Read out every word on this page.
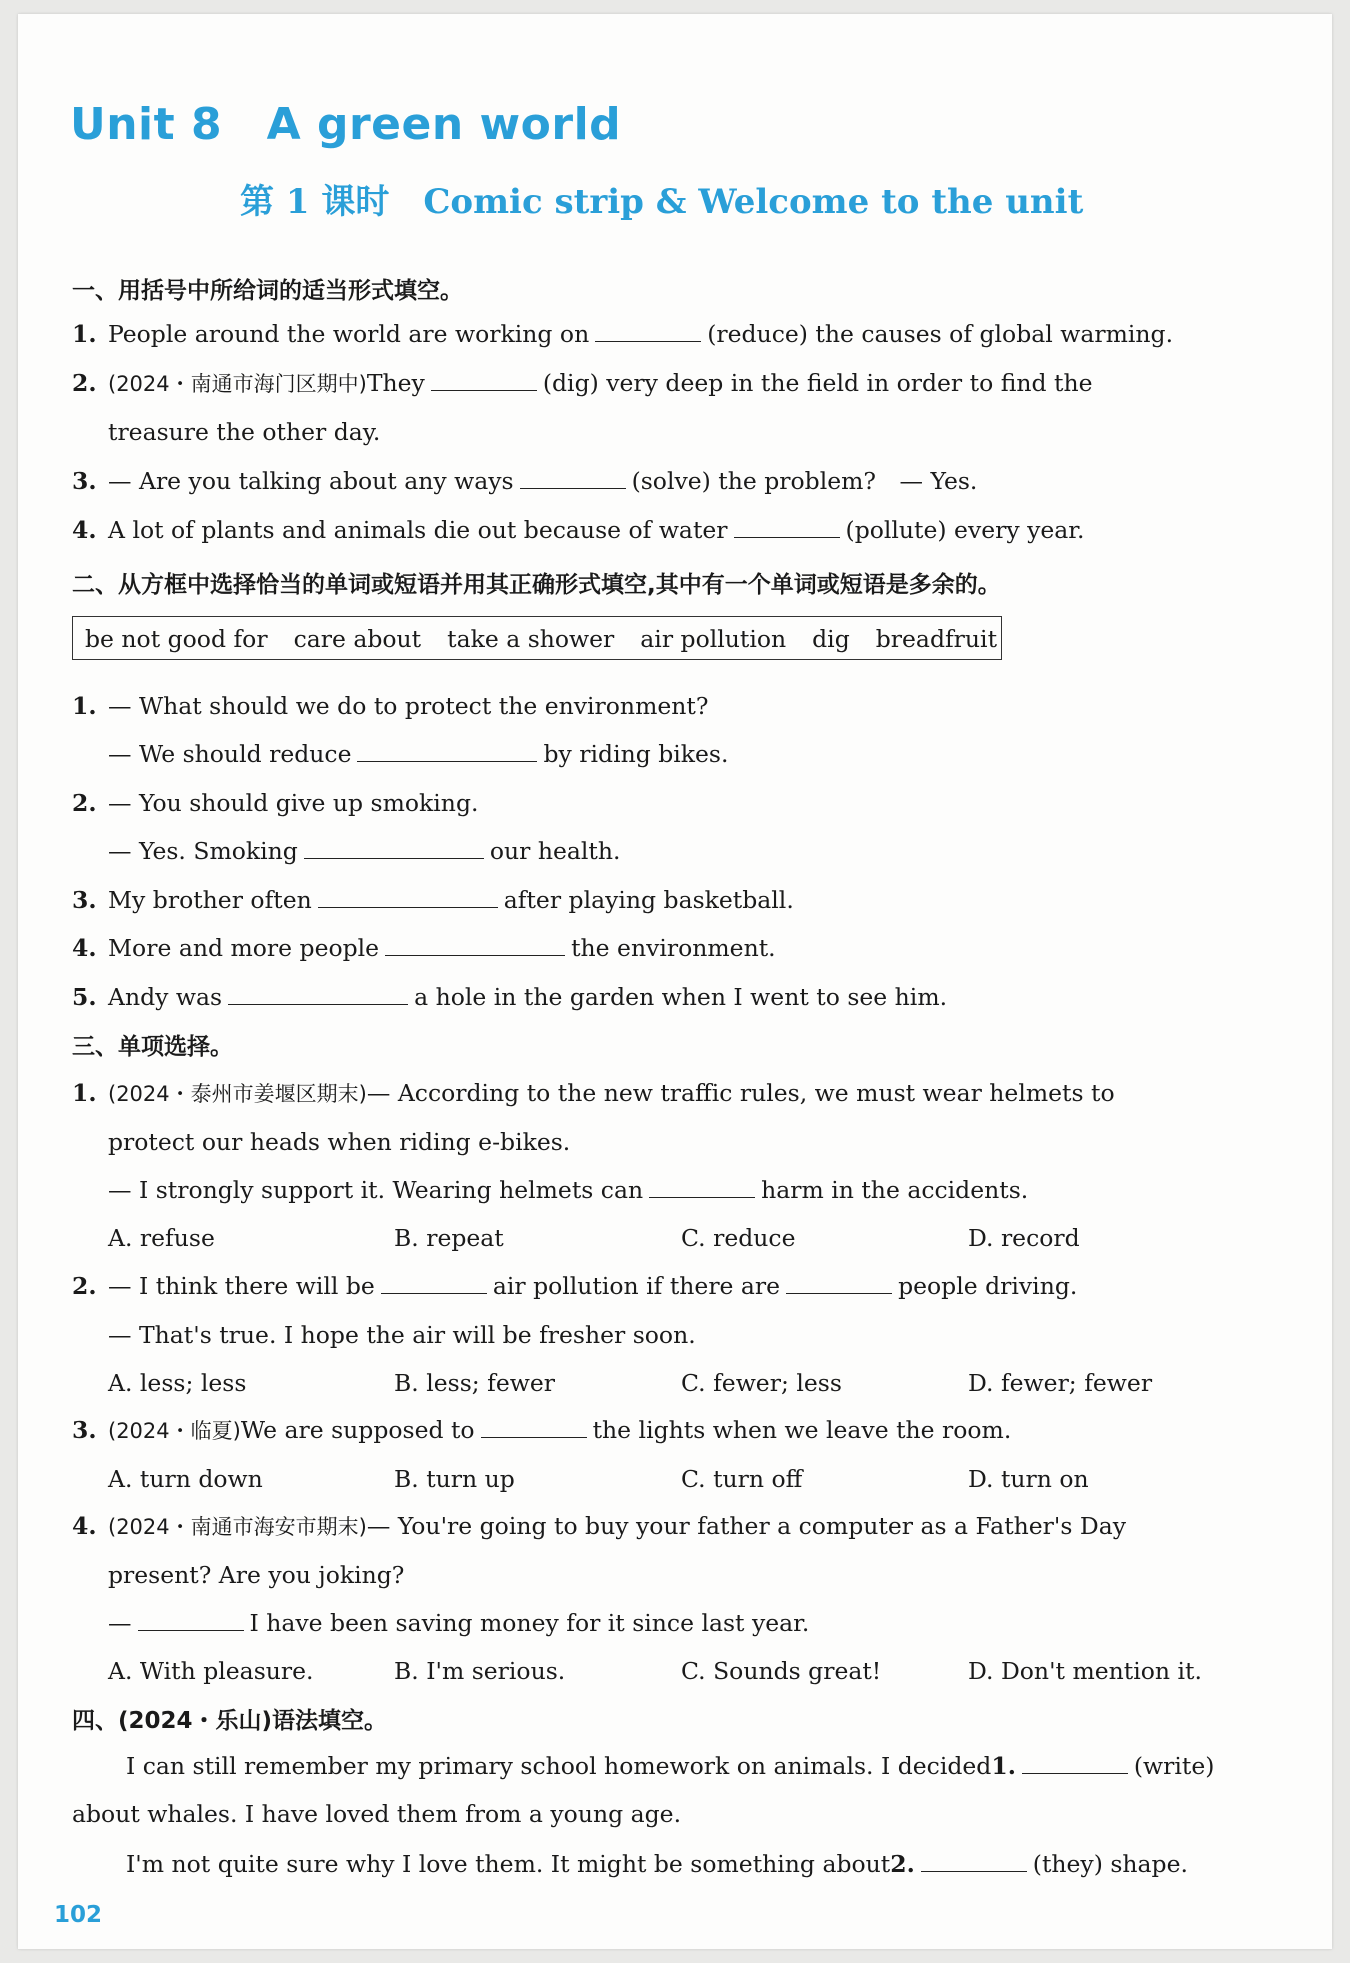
Unit 8　A green world
第 1 课时　Comic strip & Welcome to the unit
一、用括号中所给词的适当形式填空。
1. People around the world are working on	(reduce) the causes of global warming.
2. (2024・南通市海门区期中)They	(dig) very deep in the field in order to find the
treasure the other day.
3. — Are you talking about any ways	(solve) the problem?　— Yes.
4. A lot of plants and animals die out because of water	(pollute) every year.
二、从方框中选择恰当的单词或短语并用其正确形式填空,其中有一个单词或短语是多余的。
be not good for care about take a shower air pollution dig breadfruit
1. — What should we do to protect the environment?
— We should reduce	by riding bikes.
2. — You should give up smoking.
— Yes. Smoking	our health.
3. My brother often	after playing basketball.
4. More and more people	the environment.
5. Andy was	a hole in the garden when I went to see him.
三、单项选择。
1. (2024・泰州市姜堰区期末)— According to the new traffic rules, we must wear helmets to
protect our heads when riding e-bikes.
— I strongly support it. Wearing helmets can	harm in the accidents.
A. refuse	B. repeat	C. reduce	D. record
2. — I think there will be	air pollution if there are	people driving.
— That's true. I hope the air will be fresher soon.
A. less; less	B. less; fewer	C. fewer; less	D. fewer; fewer
3. (2024・临夏)We are supposed to	the lights when we leave the room.
A. turn down	B. turn up	C. turn off	D. turn on
4. (2024・南通市海安市期末)— You're going to buy your father a computer as a Father's Day
present? Are you joking?
—	I have been saving money for it since last year.
A. With pleasure.	B. I'm serious.	C. Sounds great!	D. Don't mention it.
四、(2024・乐山)语法填空。
I can still remember my primary school homework on animals. I decided1.	(write)
about whales. I have loved them from a young age.
I'm not quite sure why I love them. It might be something about2.	(they) shape.
102
